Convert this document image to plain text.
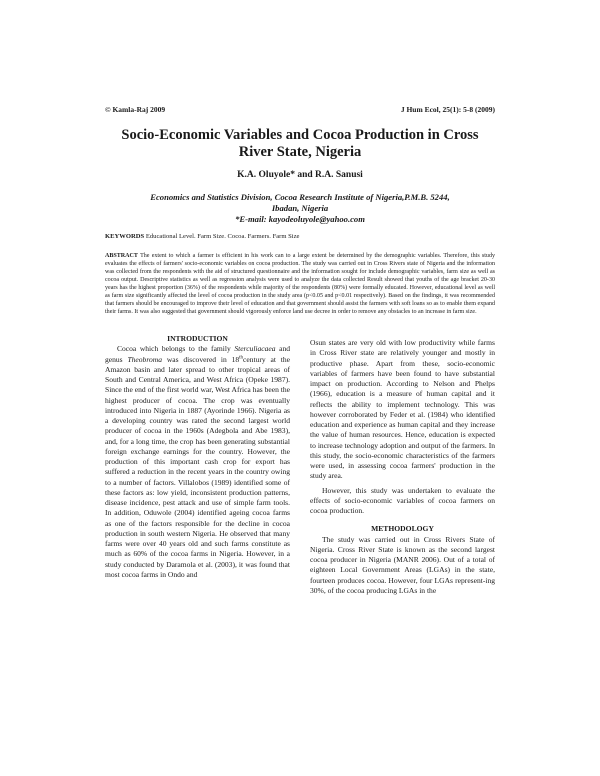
© Kamla-Raj 2009	J Hum Ecol, 25(1): 5-8 (2009)
Socio-Economic Variables and Cocoa Production in Cross River State, Nigeria
K.A. Oluyole* and R.A. Sanusi
Economics and Statistics Division, Cocoa Research Institute of Nigeria,P.M.B. 5244,
Ibadan, Nigeria
*E-mail: kayodeoluyole@yahoo.com
KEYWORDS Educational Level. Farm Size. Cocoa. Farmers. Farm Size
ABSTRACT The extent to which a farmer is efficient in his work can to a large extent be determined by the demographic variables. Therefore, this study evaluates the effects of farmers' socio-economic variables on cocoa production. The study was carried out in Cross Rivers state of Nigeria and the information was collected from the respondents with the aid of structured questionnaire and the information sought for include demographic variables, farm size as well as cocoa output. Descriptive statistics as well as regression analysis were used to analyze the data collected Result showed that youths of the age bracket 20-30 years has the highest proportion (36%) of the respondents while majority of the respondents (80%) were formally educated. However, educational level as well as farm size significantly affected the level of cocoa production in the study area (p<0.05 and p<0.01 respectively). Based on the findings, it was recommended that farmers should be encouraged to improve their level of education and that government should assist the farmers with soft loans so as to enable them expand their farms. It was also suggested that government should vigorously enforce land use decree in order to remove any obstacles to an increase in farm size.

INTRODUCTION

Cocoa which belongs to the family Sterculiacaea and genus Theobroma was discovered in 18thcentury at the Amazon basin and later spread to other tropical areas of South and Central America, and West Africa (Opeke 1987). Since the end of the first world war, West Africa has been the highest producer of cocoa. The crop was eventually introduced into Nigeria in 1887 (Ayorinde 1966). Nigeria as a developing country was rated the second largest world producer of cocoa in the 1960s (Adegbola and Abe 1983), and, for a long time, the crop has been generating substantial foreign exchange earnings for the country. However, the production of this important cash crop for export has suffered a reduction in the recent years in the country owing to a number of factors. Villalobos (1989) identified some of these factors as: low yield, inconsistent production patterns, disease incidence, pest attack and use of simple farm tools. In addition, Oduwole (2004) identified ageing cocoa farms as one of the factors responsible for the decline in cocoa production in south western Nigeria. He observed that many farms were over 40 years old and such farms constitute as much as 60% of the cocoa farms in Nigeria. However, in a study conducted by Daramola et al. (2003), it was found that most cocoa farms in Ondo and

Osun states are very old with low productivity while farms in Cross River state are relatively younger and mostly in productive phase. Apart from these, socio-economic variables of farmers have been found to have substantial impact on production. According to Nelson and Phelps (1966), education is a measure of human capital and it reflects the ability to implement technology. This was however corroborated by Feder et al. (1984) who identified education and experience as human capital and they increase the value of human resources. Hence, education is expected to increase technology adoption and output of the farmers. In this study, the socio-economic characteristics of the farmers were used, in assessing cocoa farmers' production in the study area.

However, this study was undertaken to evaluate the effects of socio-economic variables of cocoa farmers on cocoa production.

METHODOLOGY

The study was carried out in Cross Rivers State of Nigeria. Cross River State is known as the second largest cocoa producer in Nigeria (MANR 2006). Out of a total of eighteen Local Government Areas (LGAs) in the state, fourteen produces cocoa. However, four LGAs represent-ing 30%, of the cocoa producing LGAs in the
